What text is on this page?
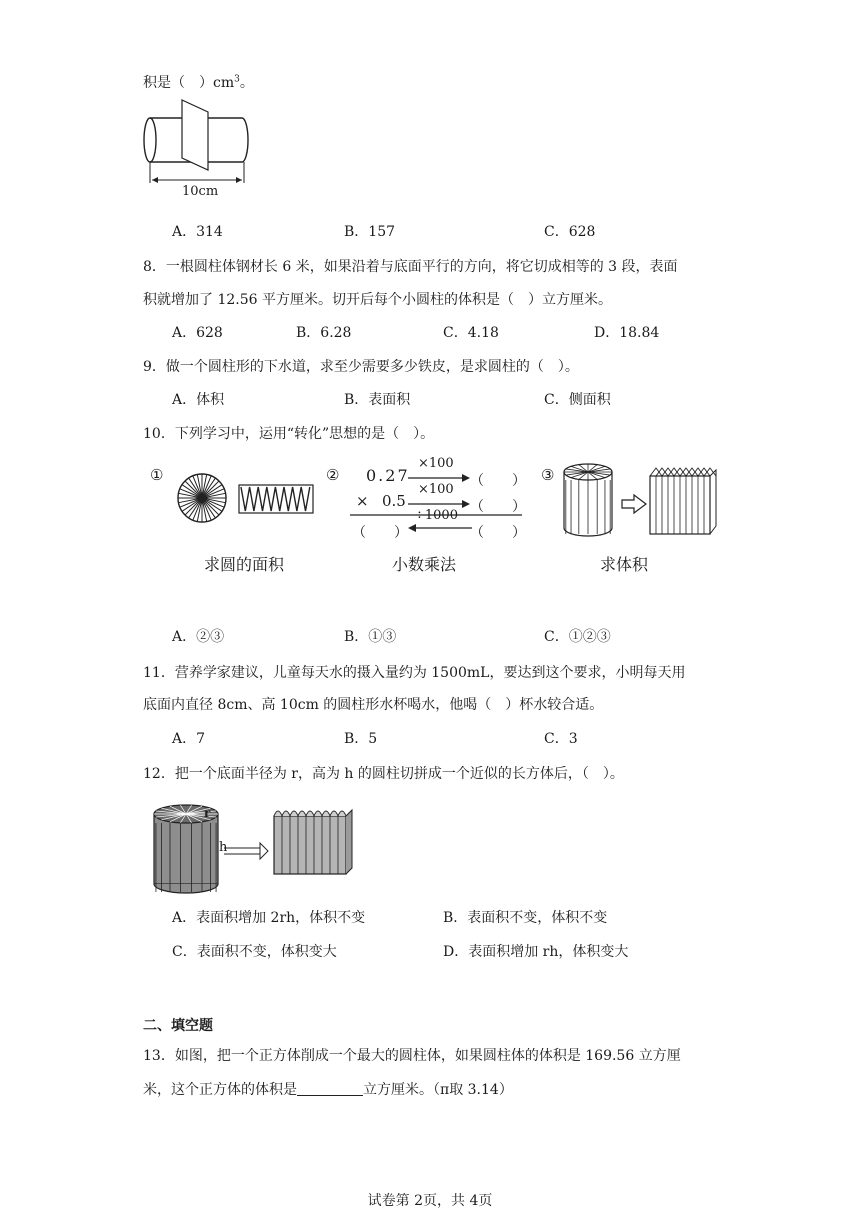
积是（　）$cm^3$。
10cm
A．314	B．157	C．628
8．一根圆柱体钢材长 6 米，如果沿着与底面平行的方向，将它切成相等的 3 段，表面
积就增加了 12.56 平方厘米。切开后每个小圆柱的体积是（　）立方厘米。
A．628	B．6.28	C．4.18	D．18.84
9．做一个圆柱形的下水道，求至少需要多少铁皮，是求圆柱的（　）。
A．体积	B．表面积	C．侧面积
10．下列学习中，运用“转化”思想的是（　）。
①
求圆的面积
② 0.27
× 0.5
×100
×100
÷1000
（　　）
（　　）
（　　）
（　　）
小数乘法
③
求体积
A．②③	B．①③	C．①②③
11．营养学家建议，儿童每天水的摄入量约为 1500mL，要达到这个要求，小明每天用
底面内直径 8cm、高 10cm 的圆柱形水杯喝水，他喝（　）杯水较合适。
A．7	B．5	C．3
12．把一个底面半径为 r，高为 h 的圆柱切拼成一个近似的长方体后，（　）。
r
h
A．表面积增加 2rh，体积不变	B．表面积不变，体积不变
C．表面积不变，体积变大	D．表面积增加 rh，体积变大
二、填空题
13．如图，把一个正方体削成一个最大的圆柱体，如果圆柱体的体积是 169.56 立方厘
米，这个正方体的体积是	立方厘米。（π取 3.14）
试卷第 2页，共 4页
